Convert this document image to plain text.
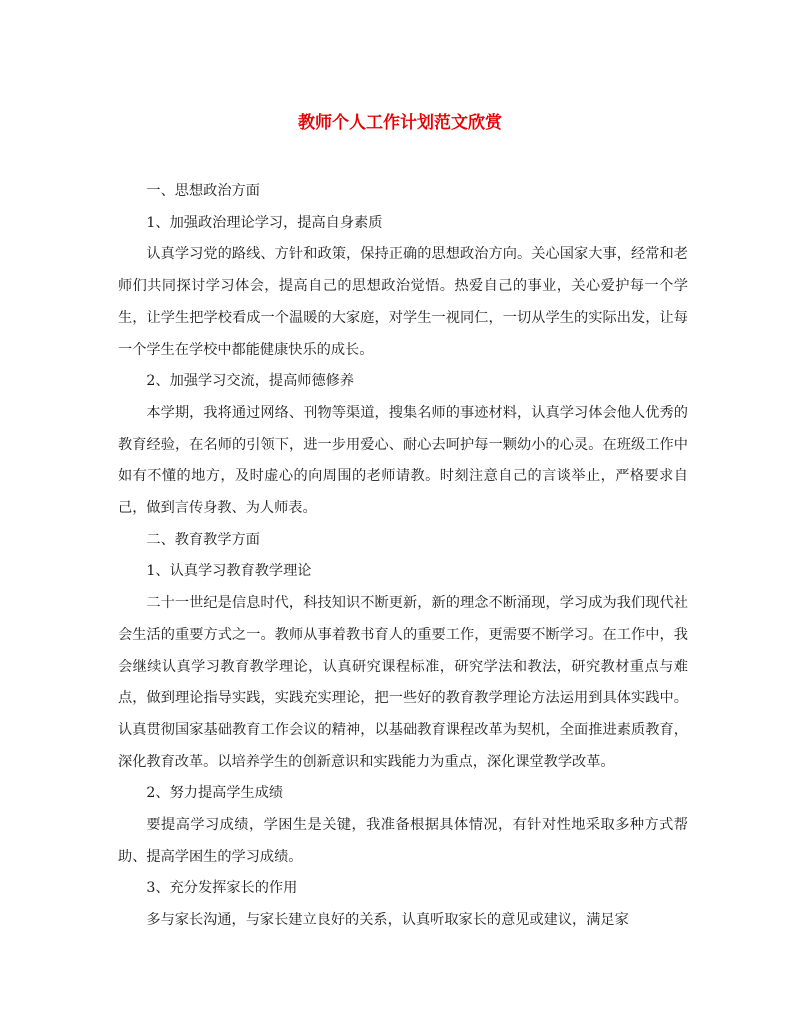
教师个人工作计划范文欣赏

一、思想政治方面

1、加强政治理论学习，提高自身素质

认真学习党的路线、方针和政策，保持正确的思想政治方向。关心国家大事，经常和老师们共同探讨学习体会，提高自己的思想政治觉悟。热爱自己的事业，关心爱护每一个学生，让学生把学校看成一个温暖的大家庭，对学生一视同仁，一切从学生的实际出发，让每一个学生在学校中都能健康快乐的成长。

2、加强学习交流，提高师德修养

本学期，我将通过网络、刊物等渠道，搜集名师的事迹材料，认真学习体会他人优秀的教育经验，在名师的引领下，进一步用爱心、耐心去呵护每一颗幼小的心灵。在班级工作中如有不懂的地方，及时虚心的向周围的老师请教。时刻注意自己的言谈举止，严格要求自己，做到言传身教、为人师表。

二、教育教学方面

1、认真学习教育教学理论

二十一世纪是信息时代，科技知识不断更新，新的理念不断涌现，学习成为我们现代社会生活的重要方式之一。教师从事着教书育人的重要工作，更需要不断学习。在工作中，我会继续认真学习教育教学理论，认真研究课程标准，研究学法和教法，研究教材重点与难点，做到理论指导实践，实践充实理论，把一些好的教育教学理论方法运用到具体实践中。认真贯彻国家基础教育工作会议的精神，以基础教育课程改革为契机，全面推进素质教育，深化教育改革。以培养学生的创新意识和实践能力为重点，深化课堂教学改革。

2、努力提高学生成绩

要提高学习成绩，学困生是关键，我准备根据具体情况，有针对性地采取多种方式帮助、提高学困生的学习成绩。

3、充分发挥家长的作用

多与家长沟通，与家长建立良好的关系，认真听取家长的意见或建议，满足家
